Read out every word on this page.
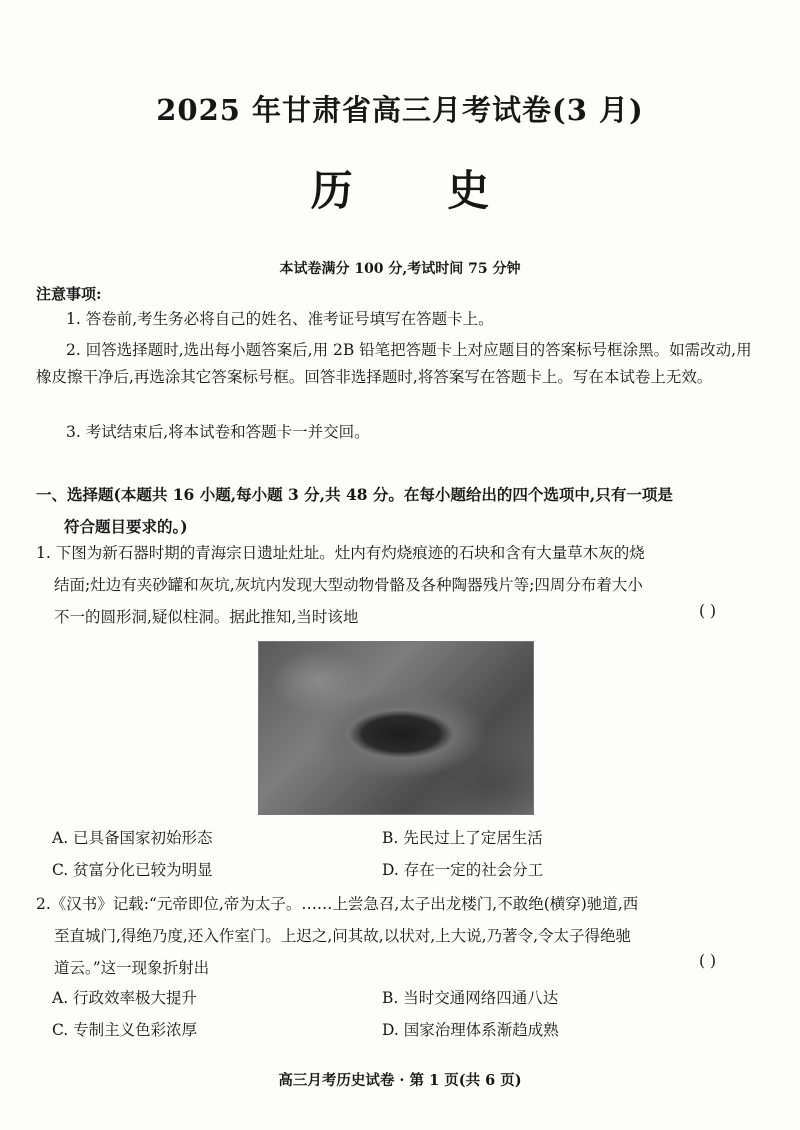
2025 年甘肃省高三月考试卷(3 月)
历 史
本试卷满分 100 分,考试时间 75 分钟
注意事项:
1. 答卷前,考生务必将自己的姓名、准考证号填写在答题卡上。
2. 回答选择题时,选出每小题答案后,用 2B 铅笔把答题卡上对应题目的答案标号框涂黑。如需改动,用橡皮擦干净后,再选涂其它答案标号框。回答非选择题时,将答案写在答题卡上。写在本试卷上无效。
3. 考试结束后,将本试卷和答题卡一并交回。
一、选择题(本题共 16 小题,每小题 3 分,共 48 分。在每小题给出的四个选项中,只有一项是
符合题目要求的。)
1. 下图为新石器时期的青海宗日遗址灶址。灶内有灼烧痕迹的石块和含有大量草木灰的烧
结面;灶边有夹砂罐和灰坑,灰坑内发现大型动物骨骼及各种陶器残片等;四周分布着大小
不一的圆形洞,疑似柱洞。据此推知,当时该地	( )
A. 已具备国家初始形态	B. 先民过上了定居生活
C. 贫富分化已较为明显	D. 存在一定的社会分工
2.《汉书》记载:“元帝即位,帝为太子。……上尝急召,太子出龙楼门,不敢绝(横穿)驰道,西
至直城门,得绝乃度,还入作室门。上迟之,问其故,以状对,上大说,乃著令,令太子得绝驰
道云。”这一现象折射出	( )
A. 行政效率极大提升	B. 当时交通网络四通八达
C. 专制主义色彩浓厚	D. 国家治理体系渐趋成熟
高三月考历史试卷 · 第 1 页(共 6 页)
